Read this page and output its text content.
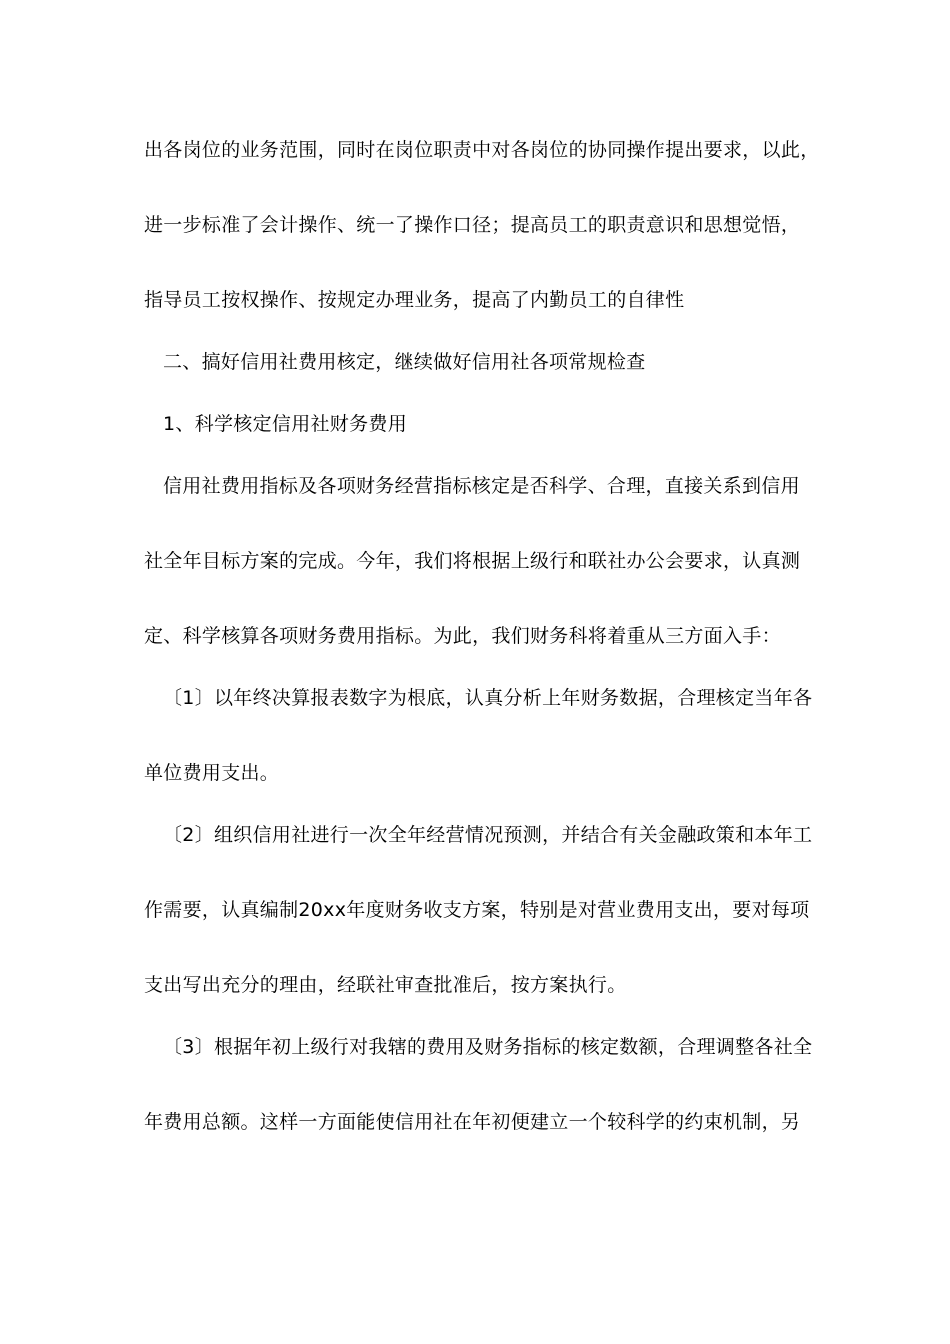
出各岗位的业务范围，同时在岗位职责中对各岗位的协同操作提出要求，以此，
进一步标准了会计操作、统一了操作口径；提高员工的职责意识和思想觉悟，
指导员工按权操作、按规定办理业务，提高了内勤员工的自律性
二、搞好信用社费用核定，继续做好信用社各项常规检查
1、科学核定信用社财务费用
信用社费用指标及各项财务经营指标核定是否科学、合理，直接关系到信用
社全年目标方案的完成。今年，我们将根据上级行和联社办公会要求，认真测
定、科学核算各项财务费用指标。为此，我们财务科将着重从三方面入手：
〔1〕以年终决算报表数字为根底，认真分析上年财务数据，合理核定当年各
单位费用支出。
〔2〕组织信用社进行一次全年经营情况预测，并结合有关金融政策和本年工
作需要，认真编制20xx年度财务收支方案，特别是对营业费用支出，要对每项
支出写出充分的理由，经联社审查批准后，按方案执行。
〔3〕根据年初上级行对我辖的费用及财务指标的核定数额，合理调整各社全
年费用总额。这样一方面能使信用社在年初便建立一个较科学的约束机制，另
